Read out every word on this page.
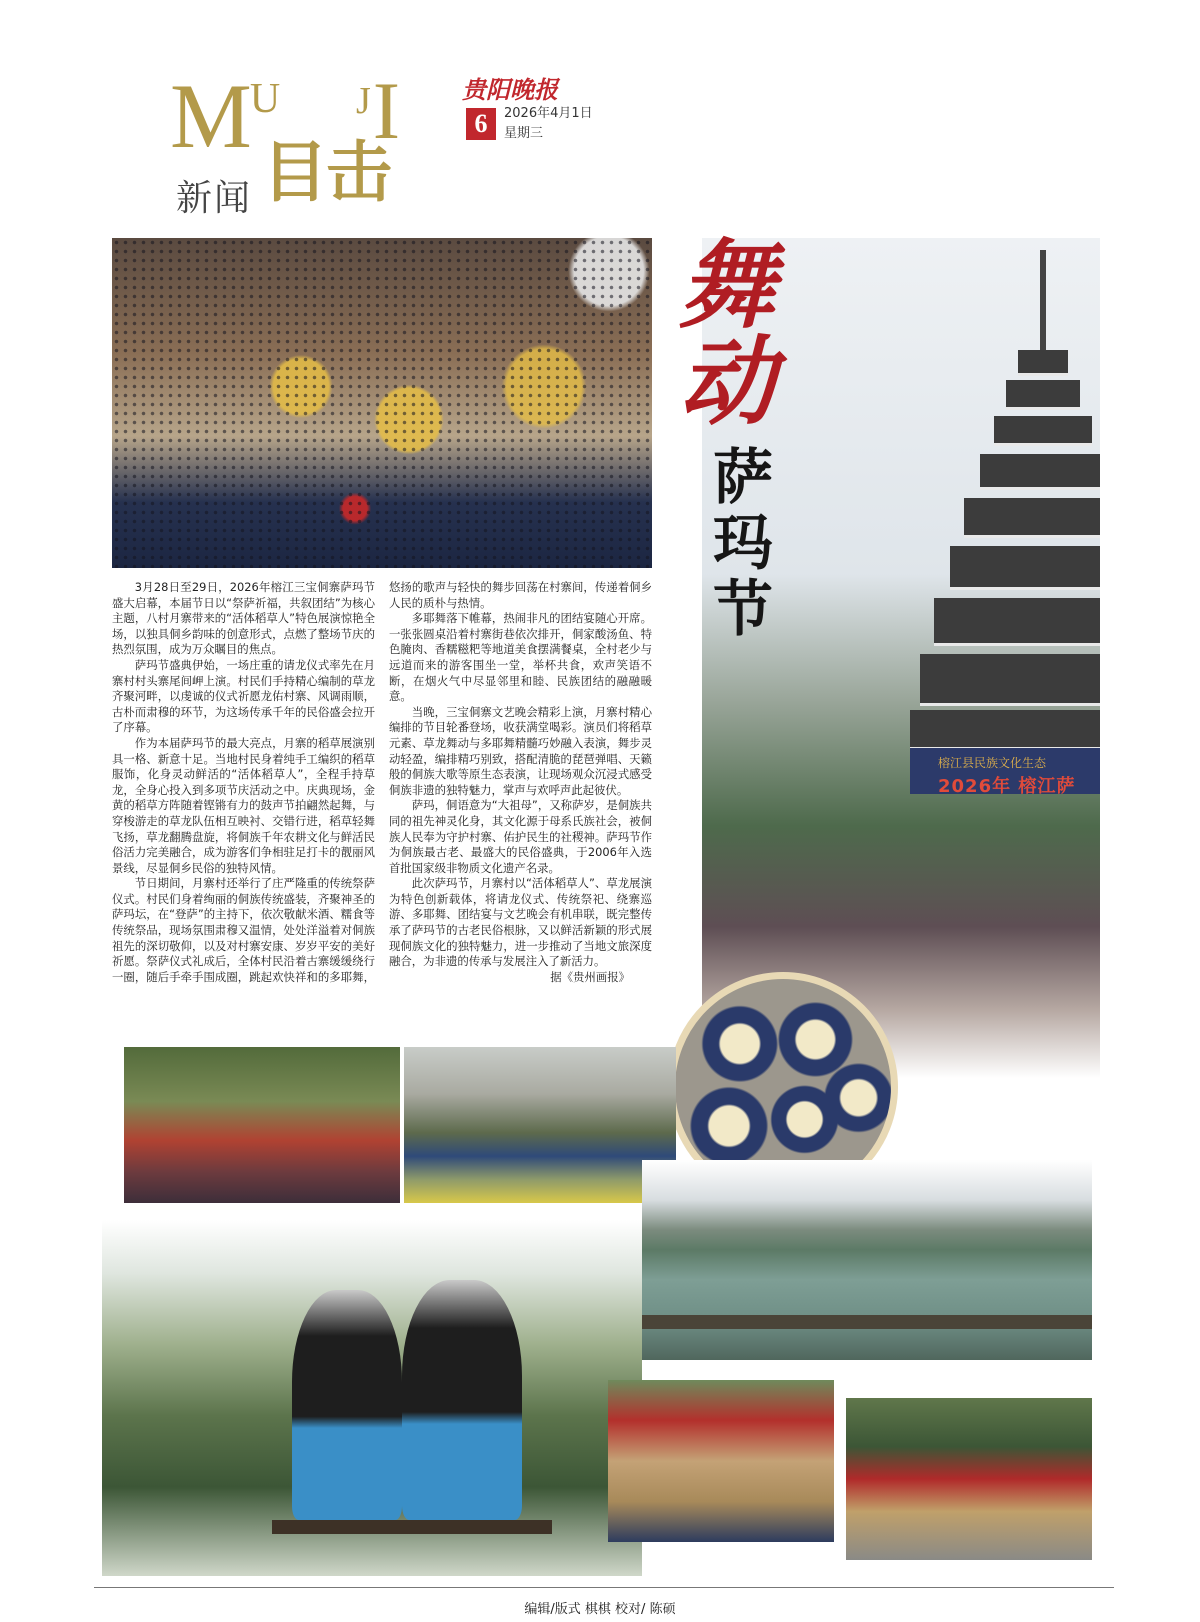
$M^U$ $^J$I
新闻 目击
贵阳晚报
6	2026年4月1日
星期三
榕江县民族文化生态
2026年 榕江萨
舞动
萨玛节

3月28日至29日，2026年榕江三宝侗寨萨玛节盛大启幕，本届节日以“祭萨祈福，共叙团结”为核心主题，八村月寨带来的“活体稻草人”特色展演惊艳全场，以独具侗乡韵味的创意形式，点燃了整场节庆的热烈氛围，成为万众瞩目的焦点。

萨玛节盛典伊始，一场庄重的请龙仪式率先在月寨村村头寨尾间岬上演。村民们手持精心编制的草龙齐聚河畔，以虔诚的仪式祈愿龙佑村寨、风调雨顺，古朴而肃穆的环节，为这场传承千年的民俗盛会拉开了序幕。

作为本届萨玛节的最大亮点，月寨的稻草展演别具一格、新意十足。当地村民身着纯手工编织的稻草服饰，化身灵动鲜活的“活体稻草人”，全程手持草龙，全身心投入到多项节庆活动之中。庆典现场，金黄的稻草方阵随着铿锵有力的鼓声节拍翩然起舞，与穿梭游走的草龙队伍相互映衬、交错行进，稻草轻舞飞扬，草龙翻腾盘旋，将侗族千年农耕文化与鲜活民俗活力完美融合，成为游客们争相驻足打卡的靓丽风景线，尽显侗乡民俗的独特风情。

节日期间，月寨村还举行了庄严隆重的传统祭萨仪式。村民们身着绚丽的侗族传统盛装，齐聚神圣的萨玛坛，在“登萨”的主持下，依次敬献米酒、糯食等传统祭品，现场氛围肃穆又温情，处处洋溢着对侗族祖先的深切敬仰，以及对村寨安康、岁岁平安的美好祈愿。祭萨仪式礼成后，全体村民沿着古寨缓缓绕行一圈，随后手牵手围成圈，跳起欢快祥和的多耶舞，悠扬的歌声与轻快的舞步回荡在村寨间，传递着侗乡人民的质朴与热情。

多耶舞落下帷幕，热闹非凡的团结宴随心开席。一张张圆桌沿着村寨街巷依次排开，侗家酸汤鱼、特色腌肉、香糯糍粑等地道美食摆满餐桌，全村老少与远道而来的游客围坐一堂，举杯共食，欢声笑语不断，在烟火气中尽显邻里和睦、民族团结的融融暖意。

当晚，三宝侗寨文艺晚会精彩上演，月寨村精心编排的节目轮番登场，收获满堂喝彩。演员们将稻草元素、草龙舞动与多耶舞精髓巧妙融入表演，舞步灵动轻盈，编排精巧别致，搭配清脆的琵琶弹唱、天籁般的侗族大歌等原生态表演，让现场观众沉浸式感受侗族非遗的独特魅力，掌声与欢呼声此起彼伏。

萨玛，侗语意为“大祖母”，又称萨岁，是侗族共同的祖先神灵化身，其文化源于母系氏族社会，被侗族人民奉为守护村寨、佑护民生的社稷神。萨玛节作为侗族最古老、最盛大的民俗盛典，于2006年入选首批国家级非物质文化遗产名录。

此次萨玛节，月寨村以“活体稻草人”、草龙展演为特色创新载体，将请龙仪式、传统祭祀、绕寨巡游、多耶舞、团结宴与文艺晚会有机串联，既完整传承了萨玛节的古老民俗根脉，又以鲜活新颖的形式展现侗族文化的独特魅力，进一步推动了当地文旅深度融合，为非遗的传承与发展注入了新活力。

据《贵州画报》

编辑/版式 棋棋 校对/ 陈硕
